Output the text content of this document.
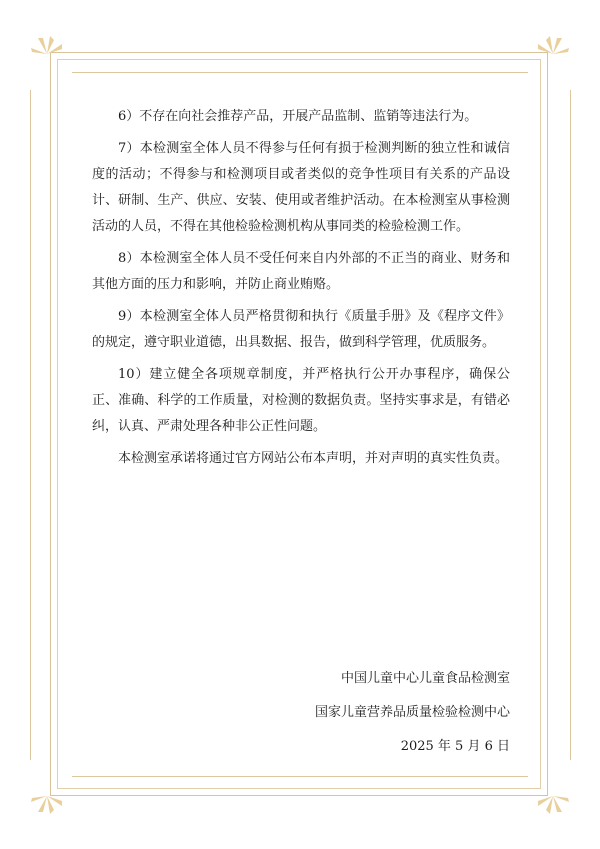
6）不存在向社会推荐产品，开展产品监制、监销等违法行为。

7）本检测室全体人员不得参与任何有损于检测判断的独立性和诚信度的活动；不得参与和检测项目或者类似的竞争性项目有关系的产品设计、研制、生产、供应、安装、使用或者维护活动。在本检测室从事检测活动的人员，不得在其他检验检测机构从事同类的检验检测工作。

8）本检测室全体人员不受任何来自内外部的不正当的商业、财务和其他方面的压力和影响，并防止商业贿赂。

9）本检测室全体人员严格贯彻和执行《质量手册》及《程序文件》的规定，遵守职业道德，出具数据、报告，做到科学管理，优质服务。

10）建立健全各项规章制度，并严格执行公开办事程序，确保公正、准确、科学的工作质量，对检测的数据负责。坚持实事求是，有错必纠，认真、严肃处理各种非公正性问题。

本检测室承诺将通过官方网站公布本声明，并对声明的真实性负责。

中国儿童中心儿童食品检测室
国家儿童营养品质量检验检测中心
2025 年 5 月 6 日
